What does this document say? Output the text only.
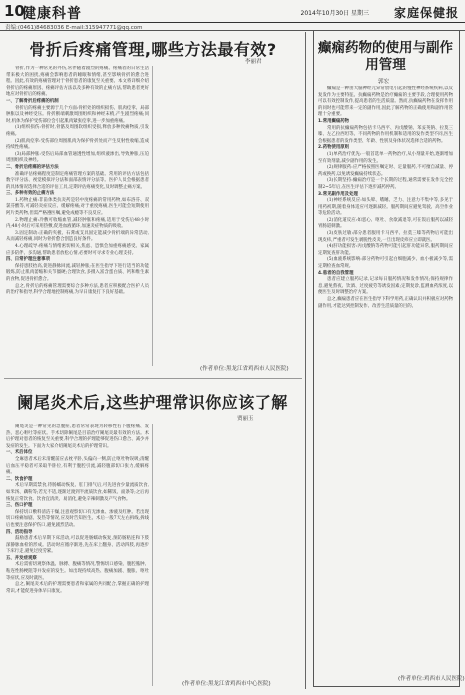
10
健康科普	2014年10月30日 星期三 家庭保健报
责编:(0461)84683036 E-mail:315947771@qq.com
骨折后疼痛管理,哪些方法最有效?
李丽君

骨折,作为一种常见的外伤,常伴随着剧烈的疼痛。疼痛者的日常生活带来极大的困扰,疼痛会影响患者的睡眠和情绪,甚至影响骨折的愈合进程。因此,有效的疼痛管理对于骨折患者的康复至关重要。本文将详细介绍骨折后的疼痛原因、疼痛评估方法以及多种有效的止痛方法,帮助患者更好地应对骨折后的疼痛。

一、了解骨折后疼痛的机制

骨折后的疼痛主要源于几个方面:骨折处的组织损伤、肌肉痉挛、局部肿胀以及神经受压。骨折断端刺激周围组织和神经末梢,产生剧烈疼痛;同时,机体为保护受伤部位会引起肌肉紧张痉挛,进一步加重疼痛。

(1)组织损伤:骨折时,骨骼及周围软组织受损,释放多种致痛物质,引发疼痛。

(2)肌肉痉挛:受伤部位周围肌肉为保护骨折处而产生反射性收缩,造成持续性疼痛。

(3)局部肿胀:受伤后局部血管通透性增加,组织液渗出,导致肿胀,压迫周围组织及神经。

二、骨折后疼痛的评估方法

准确评估疼痛程度是制定疼痛管理方案的基础。常用的评估方法包括数字评分法、视觉模拟评分法和面部表情评分法等。医护人员会根据患者的具体情况选择合适的评估工具,定期评估疼痛变化,及时调整止痛方案。

三、多种有效的止痛方法

1.药物止痛:非甾体类抗炎药是轻中度疼痛的常用药物,如布洛芬、双氯芬酸等,可减轻炎症反应、缓解疼痛;对于重度疼痛,医生可能会短期使用阿片类药物,但需严格遵医嘱,避免成瘾等不良反应。

2.物理止痛:冷敷可收缩血管,减轻肿胀和疼痛,适用于受伤后48小时内;48小时后可采用热敷,促进血液循环,加速炎症物质的吸收。

3.固定制动:正确的夹板、石膏或支具固定能减少骨折端的异常活动,从而减轻疼痛,同时为骨折愈合创造良好条件。

4.心理疏导:疼痛与情绪密切相关,焦虑、恐惧会加重疼痛感受。家属应多陪伴、多沟通,帮助患者放松心情,必要时可寻求专业心理支持。

四、日常护理注意事项

保持患肢抬高,促进静脉回流,减轻肿胀;在医生指导下进行适当的功能锻炼,防止肌肉萎缩和关节僵硬;合理饮食,多摄入富含蛋白质、钙和维生素的食物,促进骨折愈合。

总之,骨折后的疼痛管理需要综合多种方法,患者应积极配合医护人员的治疗和指导,科学合理地控制疼痛,为早日康复打下良好基础。

(作者单位:黑龙江省鸡西市人民医院)
阑尾炎术后,这些护理常识你应该了解
贾丽玉

阑尾炎是一种常见的急腹症,患者常常表现为转移性右下腹疼痛、发热、恶心呕吐等症状。手术切除阑尾是目前治疗阑尾炎最有效的方法。术后护理对患者的恢复至关重要,科学合理的护理能够促进伤口愈合、减少并发症的发生。下面为大家介绍阑尾炎术后的护理常识。

一、术后体位

全麻患者术后未清醒前应去枕平卧,头偏向一侧,防止呕吐物误吸;清醒后血压平稳者可采取半卧位,有利于腹腔引流,减轻腹部切口张力,缓解疼痛。

二、饮食护理

术后早期需禁食,待肠蠕动恢复、肛门排气后,可先进食少量流质饮食,如米汤、藕粉等;若无不适,逐渐过渡到半流质饮食,如稀饭、面条等;之后再恢复正常饮食。饮食宜清淡、易消化,避免辛辣刺激及产气食物。

三、伤口护理

保持切口敷料清洁干燥,注意观察切口有无渗血、渗液及红肿。若出现切口疼痛加剧、发热等情况,应及时告知医生。术后一般7天左右拆线,拆线后也要注意保护伤口,避免剧烈活动。

四、活动指导

鼓励患者术后早期下床活动,可以促进肠蠕动恢复,预防肠粘连和下肢深静脉血栓的形成。活动时应循序渐进,先在床上翻身、活动四肢,再逐步下床行走,避免过度劳累。

五、并发症观察

术后需密切观察体温、脉搏、腹痛等情况,警惕切口感染、腹腔脓肿、粘连性肠梗阻等并发症的发生。如出现持续高热、腹痛加剧、腹胀、呕吐等症状,应及时就医。

总之,阑尾炎术后的护理需要患者和家属的共同配合,掌握正确的护理常识,才能促进身体早日康复。

(作者单位:黑龙江省鸡西市中心医院)
癫痫药物的使用与副作用管理
郭宏

癫痫是一种由大脑神经元异常放电引起的慢性神经系统疾病,以反复发作为主要特征。抗癫痫药物是治疗癫痫的主要手段,合理使用药物可以有效控制发作,提高患者的生活质量。然而,抗癫痫药物在发挥作用的同时也可能带来一定的副作用,因此了解药物的正确使用和副作用管理十分重要。

1.常用癫痫药物

常用的抗癫痫药物包括卡马西平、丙戊酸钠、苯妥英钠、拉莫三嗪、左乙拉西坦等。不同药物的作用机制和适用的发作类型不同,医生会根据患者的发作类型、年龄、性别及身体状况选择合适的药物。

2.药物使用原则

(1)单药治疗优先:一般首选单一药物治疗,从小剂量开始,逐渐增加至有效剂量,减少副作用的发生。

(2)规律服药:应严格按照医嘱定时、定量服药,不可擅自减量、停药或换药,以免诱发癫痫持续状态。

(3)长期坚持:癫痫治疗是一个长期的过程,通常需要在发作完全控制2~5年后,在医生评估下逐步减药停药。

3.常见副作用及处理

(1)神经系统反应:如头晕、嗜睡、乏力、注意力不集中等,多见于用药初期,随着身体适应可逐渐减轻。服药期间应避免驾驶、高空作业等危险活动。

(2)消化道反应:如恶心、呕吐、食欲减退等,可在饭后服药以减轻胃肠道刺激。

(3)皮肤过敏:部分患者服用卡马西平、拉莫三嗪等药物后可能出现皮疹,严重者可发生剥脱性皮炎,一旦出现皮疹应立即就医。

(4)肝功能损害:丙戊酸钠等药物可能引起肝功能异常,服药期间应定期复查肝功能。

(5)血液系统影响:部分药物可引起白细胞减少、血小板减少等,需定期检查血常规。

4.患者的自我管理

患者应建立服药记录,记录每日服药情况和发作情况;保持规律作息,避免熬夜、饮酒、过度疲劳等诱发因素;定期复诊,监测血药浓度,以便医生及时调整治疗方案。

总之,癫痫患者应在医生指导下科学用药,正确认识并积极应对药物副作用,才能达到控制发作、改善生活质量的目的。

(作者单位:鸡西市人民医院)
